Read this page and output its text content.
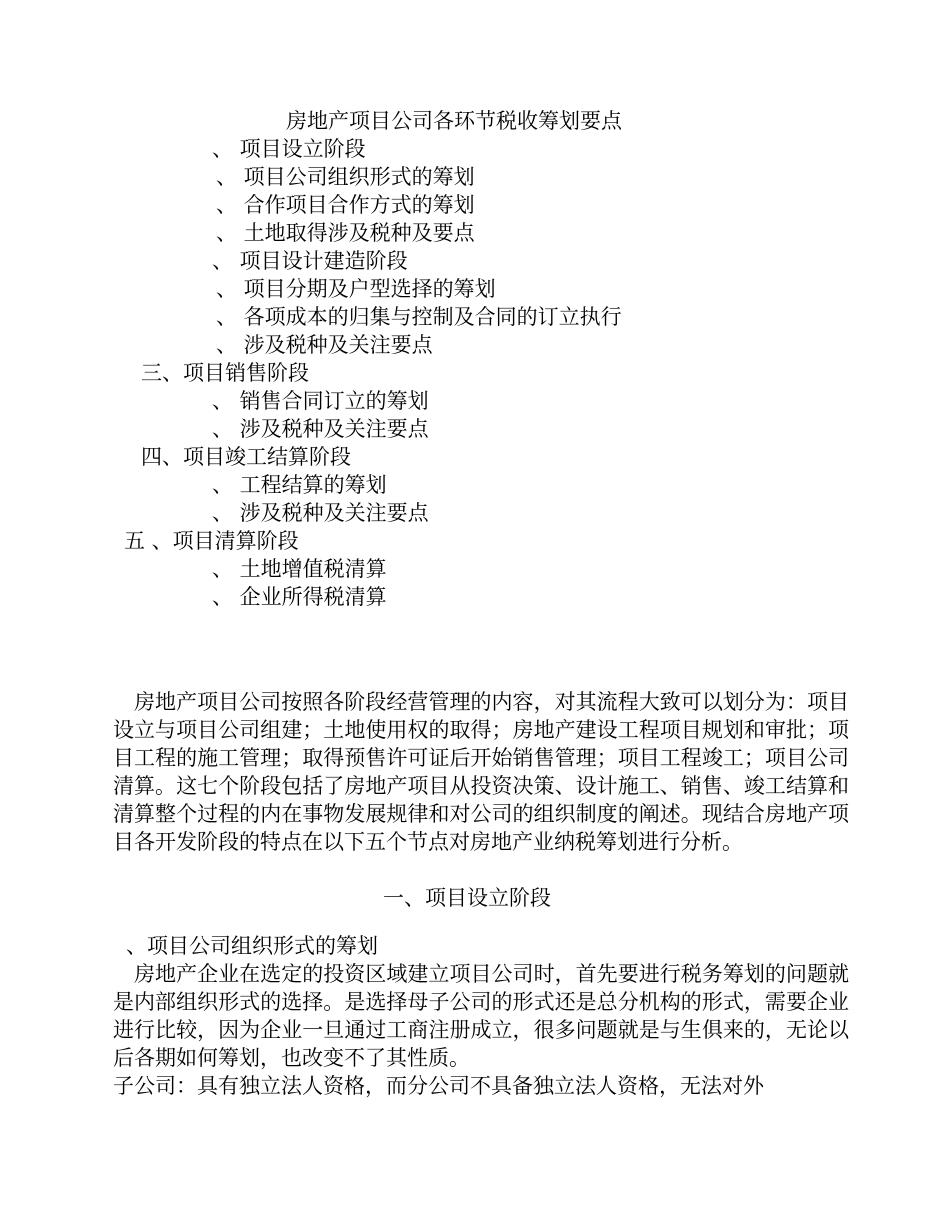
房地产项目公司各环节税收筹划要点
、 项目设立阶段
、 项目公司组织形式的筹划
、 合作项目合作方式的筹划
、 土地取得涉及税种及要点
、 项目设计建造阶段
、 项目分期及户型选择的筹划
、 各项成本的归集与控制及合同的订立执行
、 涉及税种及关注要点
三、项目销售阶段
、 销售合同订立的筹划
、 涉及税种及关注要点
四、项目竣工结算阶段
、 工程结算的筹划
、 涉及税种及关注要点
五 、项目清算阶段
、 土地增值税清算
、 企业所得税清算
房地产项目公司按照各阶段经营管理的内容，对其流程大致可以划分为：项目设立与项目公司组建；土地使用权的取得；房地产建设工程项目规划和审批；项目工程的施工管理；取得预售许可证后开始销售管理；项目工程竣工；项目公司清算。这七个阶段包括了房地产项目从投资决策、设计施工、销售、竣工结算和清算整个过程的内在事物发展规律和对公司的组织制度的阐述。现结合房地产项目各开发阶段的特点在以下五个节点对房地产业纳税筹划进行分析。
一、项目设立阶段
、项目公司组织形式的筹划
房地产企业在选定的投资区域建立项目公司时，首先要进行税务筹划的问题就是内部组织形式的选择。是选择母子公司的形式还是总分机构的形式，需要企业进行比较，因为企业一旦通过工商注册成立，很多问题就是与生俱来的，无论以后各期如何筹划，也改变不了其性质。
子公司：具有独立法人资格，而分公司不具备独立法人资格，无法对外
